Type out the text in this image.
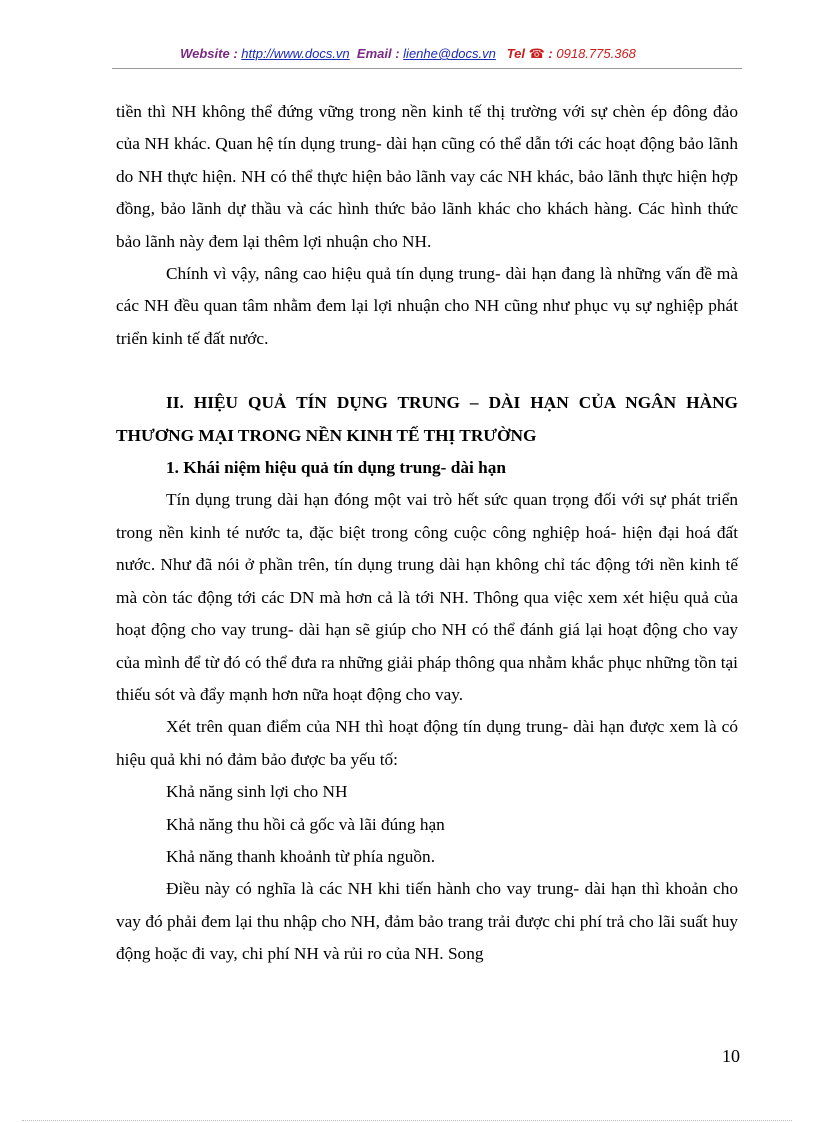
Website : http://www.docs.vn Email : lienhe@docs.vn Tel ☎ : 0918.775.368

tiền thì NH không thể đứng vững trong nền kinh tế thị trường với sự chèn ép đông đảo của NH khác. Quan hệ tín dụng trung- dài hạn cũng có thể dẫn tới các hoạt động bảo lãnh do NH thực hiện. NH có thể thực hiện bảo lãnh vay các NH khác, bảo lãnh thực hiện hợp đồng, bảo lãnh dự thầu và các hình thức bảo lãnh khác cho khách hàng. Các hình thức bảo lãnh này đem lại thêm lợi nhuận cho NH.

Chính vì vậy, nâng cao hiệu quả tín dụng trung- dài hạn đang là những vấn đề mà các NH đều quan tâm nhằm đem lại lợi nhuận cho NH cũng như phục vụ sự nghiệp phát triển kinh tế đất nước.

II. HIỆU QUẢ TÍN DỤNG TRUNG – DÀI HẠN CỦA NGÂN HÀNG THƯƠNG MẠI TRONG NỀN KINH TẾ THỊ TRƯỜNG

1. Khái niệm hiệu quả tín dụng trung- dài hạn

Tín dụng trung dài hạn đóng một vai trò hết sức quan trọng đối với sự phát triển trong nền kinh té nước ta, đặc biệt trong công cuộc công nghiệp hoá- hiện đại hoá đất nước. Như đã nói ở phần trên, tín dụng trung dài hạn không chỉ tác động tới nền kinh tế mà còn tác động tới các DN mà hơn cả là tới NH. Thông qua việc xem xét hiệu quả của hoạt động cho vay trung- dài hạn sẽ giúp cho NH có thể đánh giá lại hoạt động cho vay của mình để từ đó có thể đưa ra những giải pháp thông qua nhằm khắc phục những tồn tại thiếu sót và đẩy mạnh hơn nữa hoạt động cho vay.

Xét trên quan điểm của NH thì hoạt động tín dụng trung- dài hạn được xem là có hiệu quả khi nó đảm bảo được ba yếu tố:

Khả năng sinh lợi cho NH

Khả năng thu hồi cả gốc và lãi đúng hạn

Khả năng thanh khoảnh từ phía nguồn.

Điều này có nghĩa là các NH khi tiến hành cho vay trung- dài hạn thì khoản cho vay đó phải đem lại thu nhập cho NH, đảm bảo trang trải được chi phí trả cho lãi suất huy động hoặc đi vay, chi phí NH và rủi ro của NH. Song

10
